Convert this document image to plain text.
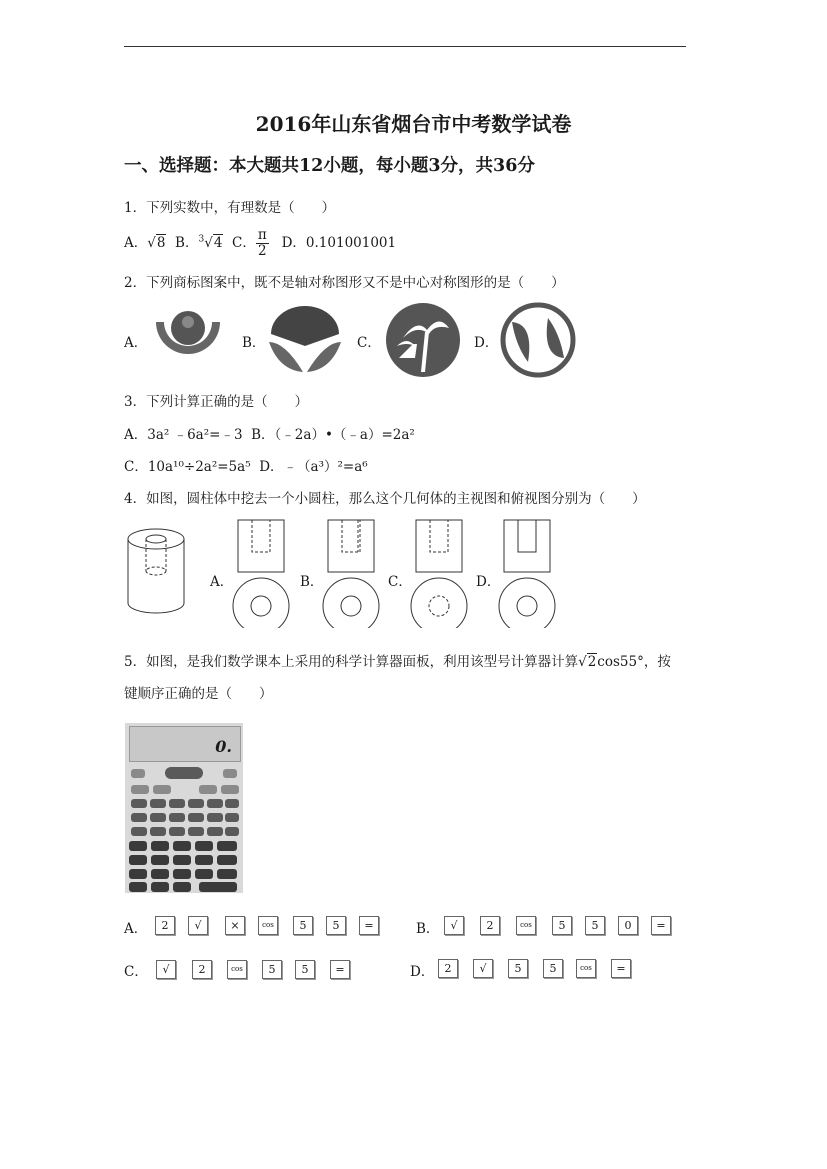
2016年山东省烟台市中考数学试卷
一、选择题：本大题共12小题，每小题3分，共36分
1．下列实数中，有理数是（　　）
A．√8 B．$^3$√4 C． $\frac{\pi}{2}$ D．0.101001001
2．下列商标图案中，既不是轴对称图形又不是中心对称图形的是（　　）
A．	B．	C．	D．
3．下列计算正确的是（　　）
A．3a² ﹣6a²=﹣3 B．（﹣2a）•（﹣a）=2a²
C．10a¹⁰÷2a²=5a⁵ D．﹣（a³）²=a⁶
4．如图，圆柱体中挖去一个小圆柱，那么这个几何体的主视图和俯视图分别为（　　）
A．	B．	C．	D．
5．如图，是我们数学课本上采用的科学计算器面板，利用该型号计算器计算√2cos55°，按
键顺序正确的是（　　）
0.
A．	2	√	×	cos	5	5	=	B．	√	2	cos	5	5	0	=
C．	√	2	cos	5	5	=	D． 2	√	5	5	cos	=
